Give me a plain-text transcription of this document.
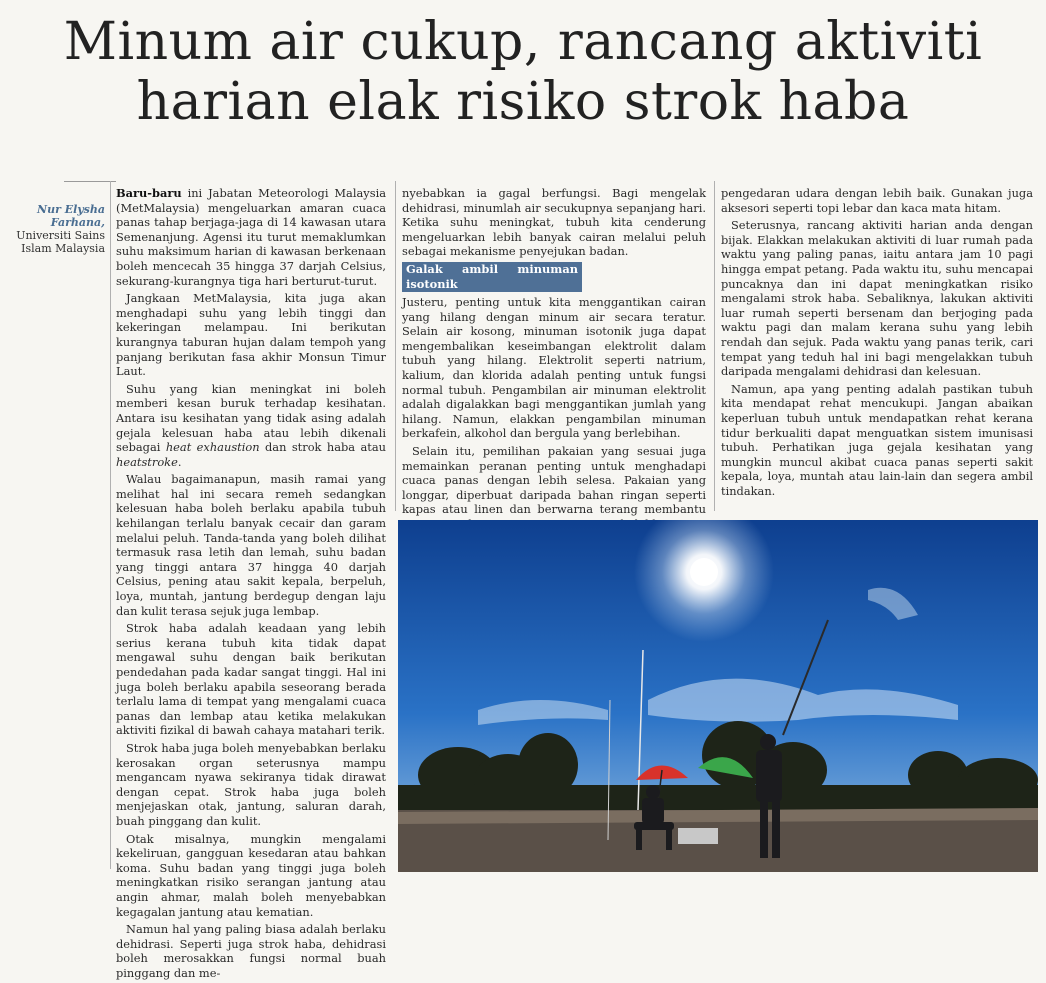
Minum air cukup, rancang aktiviti
harian elak risiko strok haba
Nur Elysha
Farhana,
Universiti Sains
Islam Malaysia

Baru-baru ini Jabatan Meteorologi Malaysia (MetMalaysia) mengeluarkan amaran cuaca panas tahap berjaga-jaga di 14 kawasan utara Semenanjung. Agensi itu turut memaklumkan suhu maksimum harian di kawasan berkenaan boleh mencecah 35 hingga 37 darjah Celsius, sekurang-kurangnya tiga hari berturut-turut.

Jangkaan MetMalaysia, kita juga akan menghadapi suhu yang lebih tinggi dan kekeringan melampau. Ini berikutan kurangnya taburan hujan dalam tempoh yang panjang berikutan fasa akhir Monsun Timur Laut.

Suhu yang kian meningkat ini boleh memberi kesan buruk terhadap kesihatan. Antara isu kesihatan yang tidak asing adalah gejala kelesuan haba atau lebih dikenali sebagai heat exhaustion dan strok haba atau heatstroke.

Walau bagaimanapun, masih ramai yang melihat hal ini secara remeh sedangkan kelesuan haba boleh berlaku apabila tubuh kehilangan terlalu banyak cecair dan garam melalui peluh. Tanda-tanda yang boleh dilihat termasuk rasa letih dan lemah, suhu badan yang tinggi antara 37 hingga 40 darjah Celsius, pening atau sakit kepala, berpeluh, loya, muntah, jantung berdegup dengan laju dan kulit terasa sejuk juga lembap.

Strok haba adalah keadaan yang lebih serius kerana tubuh kita tidak dapat mengawal suhu dengan baik berikutan pendedahan pada kadar sangat tinggi. Hal ini juga boleh berlaku apabila seseorang berada terlalu lama di tempat yang mengalami cuaca panas dan lembap atau ketika melakukan aktiviti fizikal di bawah cahaya matahari terik.

Strok haba juga boleh menyebabkan berlaku kerosakan organ seterusnya mampu mengancam nyawa sekiranya tidak dirawat dengan cepat. Strok haba juga boleh menjejaskan otak, jantung, saluran darah, buah pinggang dan kulit.

Otak misalnya, mungkin mengalami kekeliruan, gangguan kesedaran atau bahkan koma. Suhu badan yang tinggi juga boleh meningkatkan risiko serangan jantung atau angin ahmar, malah boleh menyebabkan kegagalan jantung atau kematian.

Namun hal yang paling biasa adalah berlaku dehidrasi. Seperti juga strok haba, dehidrasi boleh merosakkan fungsi normal buah pinggang dan me-

nyebabkan ia gagal berfungsi. Bagi mengelak dehidrasi, minumlah air secukupnya sepanjang hari. Ketika suhu meningkat, tubuh kita cenderung mengeluarkan lebih banyak cairan melalui peluh sebagai mekanisme penyejukan badan.

Galak ambil minuman isotonik

Justeru, penting untuk kita menggantikan cairan yang hilang dengan minum air secara teratur. Selain air kosong, minuman isotonik juga dapat mengembalikan keseimbangan elektrolit dalam tubuh yang hilang. Elektrolit seperti natrium, kalium, dan klorida adalah penting untuk fungsi normal tubuh. Pengambilan air minuman elektrolit adalah digalakkan bagi menggantikan jumlah yang hilang. Namun, elakkan pengambilan minuman berkafein, alkohol dan bergula yang berlebihan.

Selain itu, pemilihan pakaian yang sesuai juga memainkan peranan penting untuk menghadapi cuaca panas dengan lebih selesa. Pakaian yang longgar, diperbuat daripada bahan ringan seperti kapas atau linen dan berwarna terang membantu

pengedaran udara dengan lebih baik. Gunakan juga aksesori seperti topi lebar dan kaca mata hitam.

Seterusnya, rancang aktiviti harian anda dengan bijak. Elakkan melakukan aktiviti di luar rumah pada waktu yang paling panas, iaitu antara jam 10 pagi hingga empat petang. Pada waktu itu, suhu mencapai puncaknya dan ini dapat meningkatkan risiko mengalami strok haba. Sebaliknya, lakukan aktiviti luar rumah seperti bersenam dan berjoging pada waktu pagi dan malam kerana suhu yang lebih rendah dan sejuk. Pada waktu yang panas terik, cari tempat yang teduh hal ini bagi mengelakkan tubuh daripada mengalami dehidrasi dan kelesuan.

Namun, apa yang penting adalah pastikan tubuh kita mendapat rehat mencukupi. Jangan abaikan keperluan tubuh untuk mendapatkan rehat kerana tidur berkualiti dapat menguatkan sistem imunisasi tubuh. Perhatikan juga gejala kesihatan yang mungkin muncul akibat cuaca panas seperti sakit kepala, loya, muntah atau lain-lain dan segera ambil tindakan.
